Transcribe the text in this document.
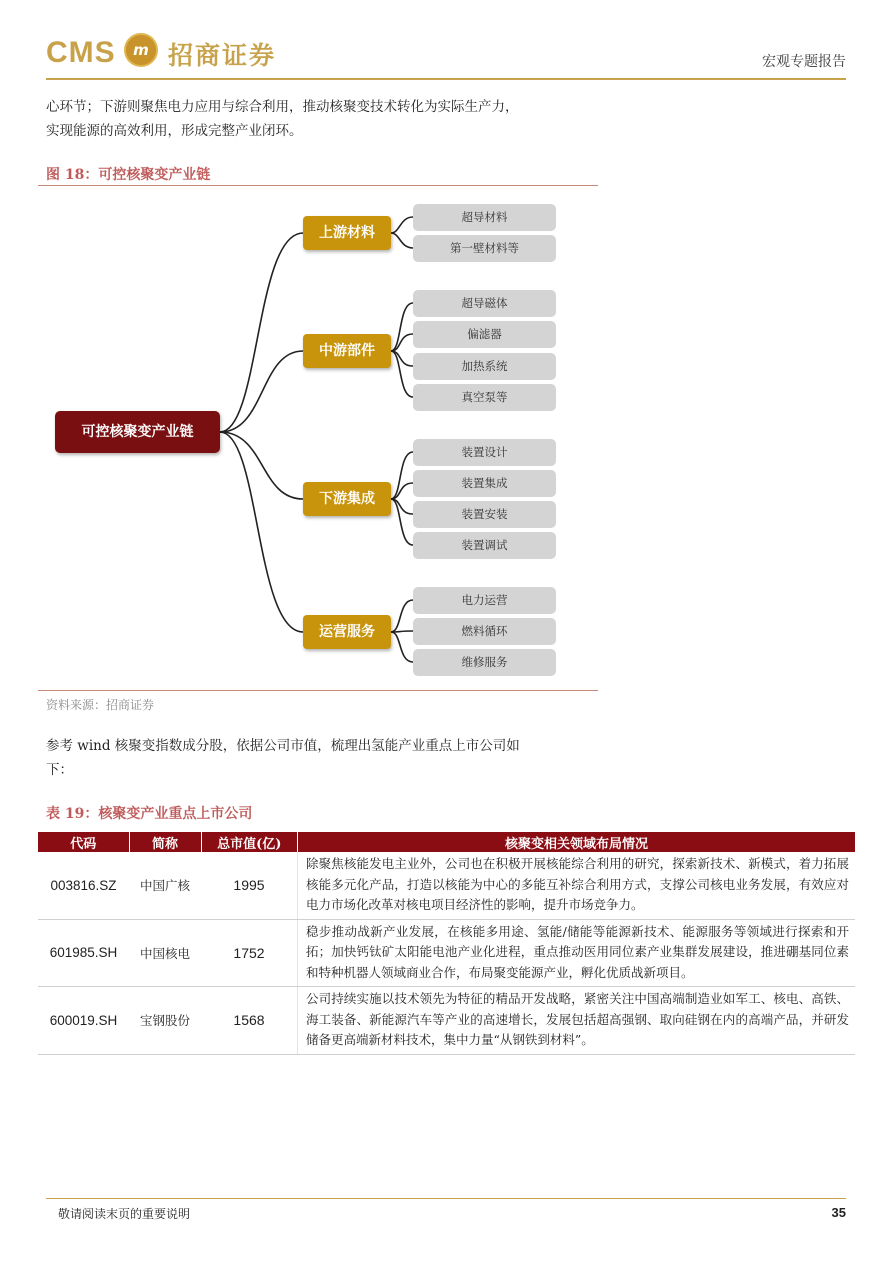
CMS	m 招商证券	宏观专题报告
心环节；下游则聚焦电力应用与综合利用，推动核聚变技术转化为实际生产力，
实现能源的高效利用，形成完整产业闭环。
图 18：可控核聚变产业链
可控核聚变产业链
上游材料
中游部件
下游集成
运营服务
超导材料
第一壁材料等
超导磁体
偏滤器
加热系统
真空泵等
装置设计
装置集成
装置安装
装置调试
电力运营
燃料循环
维修服务
资料来源：招商证券
参考 wind 核聚变指数成分股，依据公司市值，梳理出氢能产业重点上市公司如
下：
表 19：核聚变产业重点上市公司
代码	简称	总市值(亿)	核聚变相关领域布局情况
003816.SZ	中国广核	1995	除聚焦核能发电主业外，公司也在积极开展核能综合利用的研究，探索新技术、新模式，着力拓展核能多元化产品，打造以核能为中心的多能互补综合利用方式，支撑公司核电业务发展，有效应对电力市场化改革对核电项目经济性的影响，提升市场竞争力。
601985.SH	中国核电	1752	稳步推动战新产业发展，在核能多用途、氢能/储能等能源新技术、能源服务等领域进行探索和开拓；加快钙钛矿太阳能电池产业化进程，重点推动医用同位素产业集群发展建设，推进硼基同位素和特种机器人领域商业合作，布局聚变能源产业，孵化优质战新项目。
600019.SH	宝钢股份	1568	公司持续实施以技术领先为特征的精品开发战略，紧密关注中国高端制造业如军工、核电、高铁、海工装备、新能源汽车等产业的高速增长，发展包括超高强钢、取向硅钢在内的高端产品，并研发储备更高端新材料技术，集中力量“从钢铁到材料”。
敬请阅读末页的重要说明	35
